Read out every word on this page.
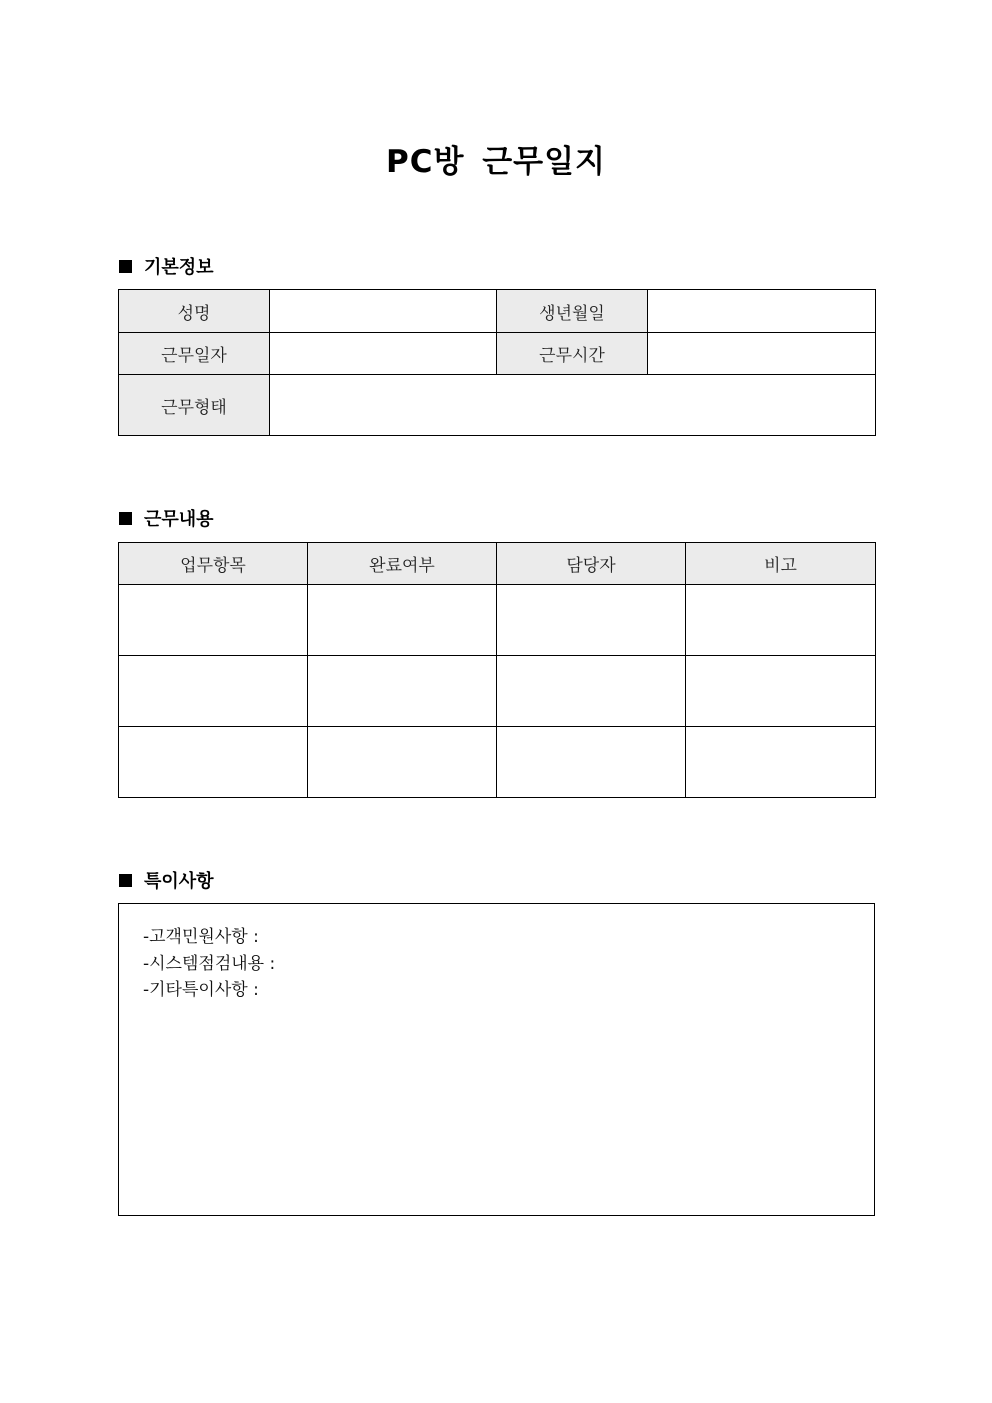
PC방 근무일지
기본정보
성명		생년월일	
근무일자		근무시간	
근무형태			
근무내용
업무항목	완료여부	담당자	비고

특이사항
-고객민원사항 :
-시스템점검내용 :
-기타특이사항 :
